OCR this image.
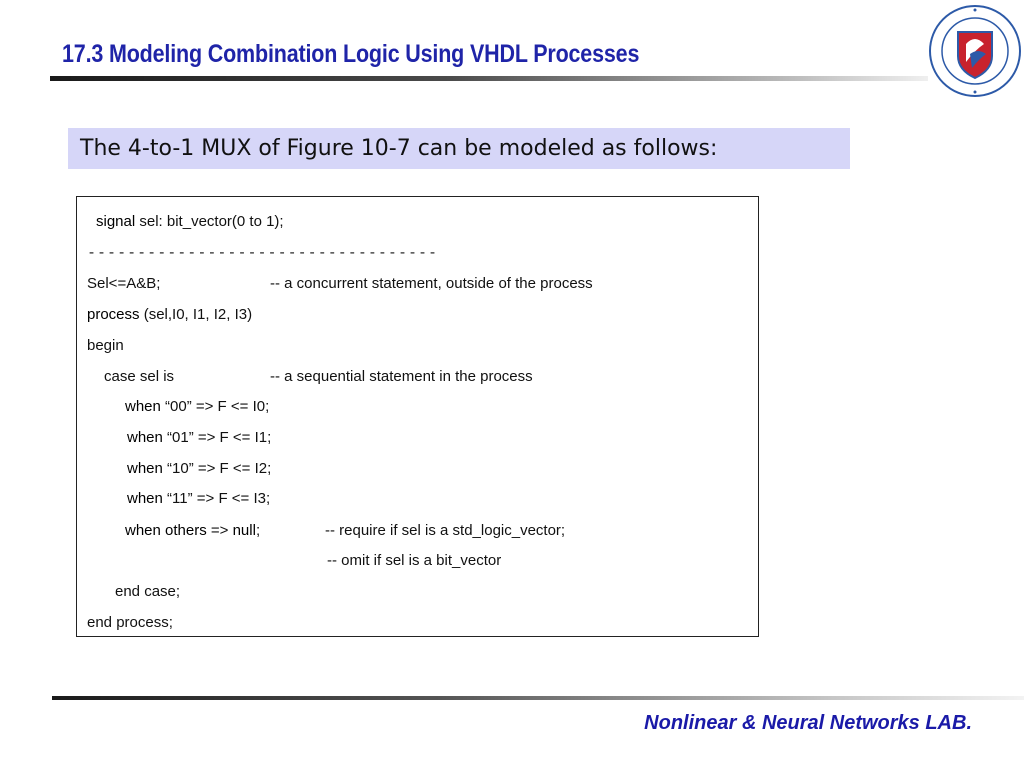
17.3 Modeling Combination Logic Using VHDL Processes
The 4-to-1 MUX of Figure 10-7 can be modeled as follows:
signal sel: bit_vector(0 to 1);
-----------------------------------
Sel<=A&B;	-- a concurrent statement, outside of the process
process (sel,I0, I1, I2, I3)
begin
case sel is	-- a sequential statement in the process
when “00” => F <= I0;
when “01” => F <= I1;
when “10” => F <= I2;
when “11” => F <= I3;
when others => null;	-- require if sel is a std_logic_vector;
-- omit if sel is a bit_vector
end case;
end process;
Nonlinear & Neural Networks LAB.
